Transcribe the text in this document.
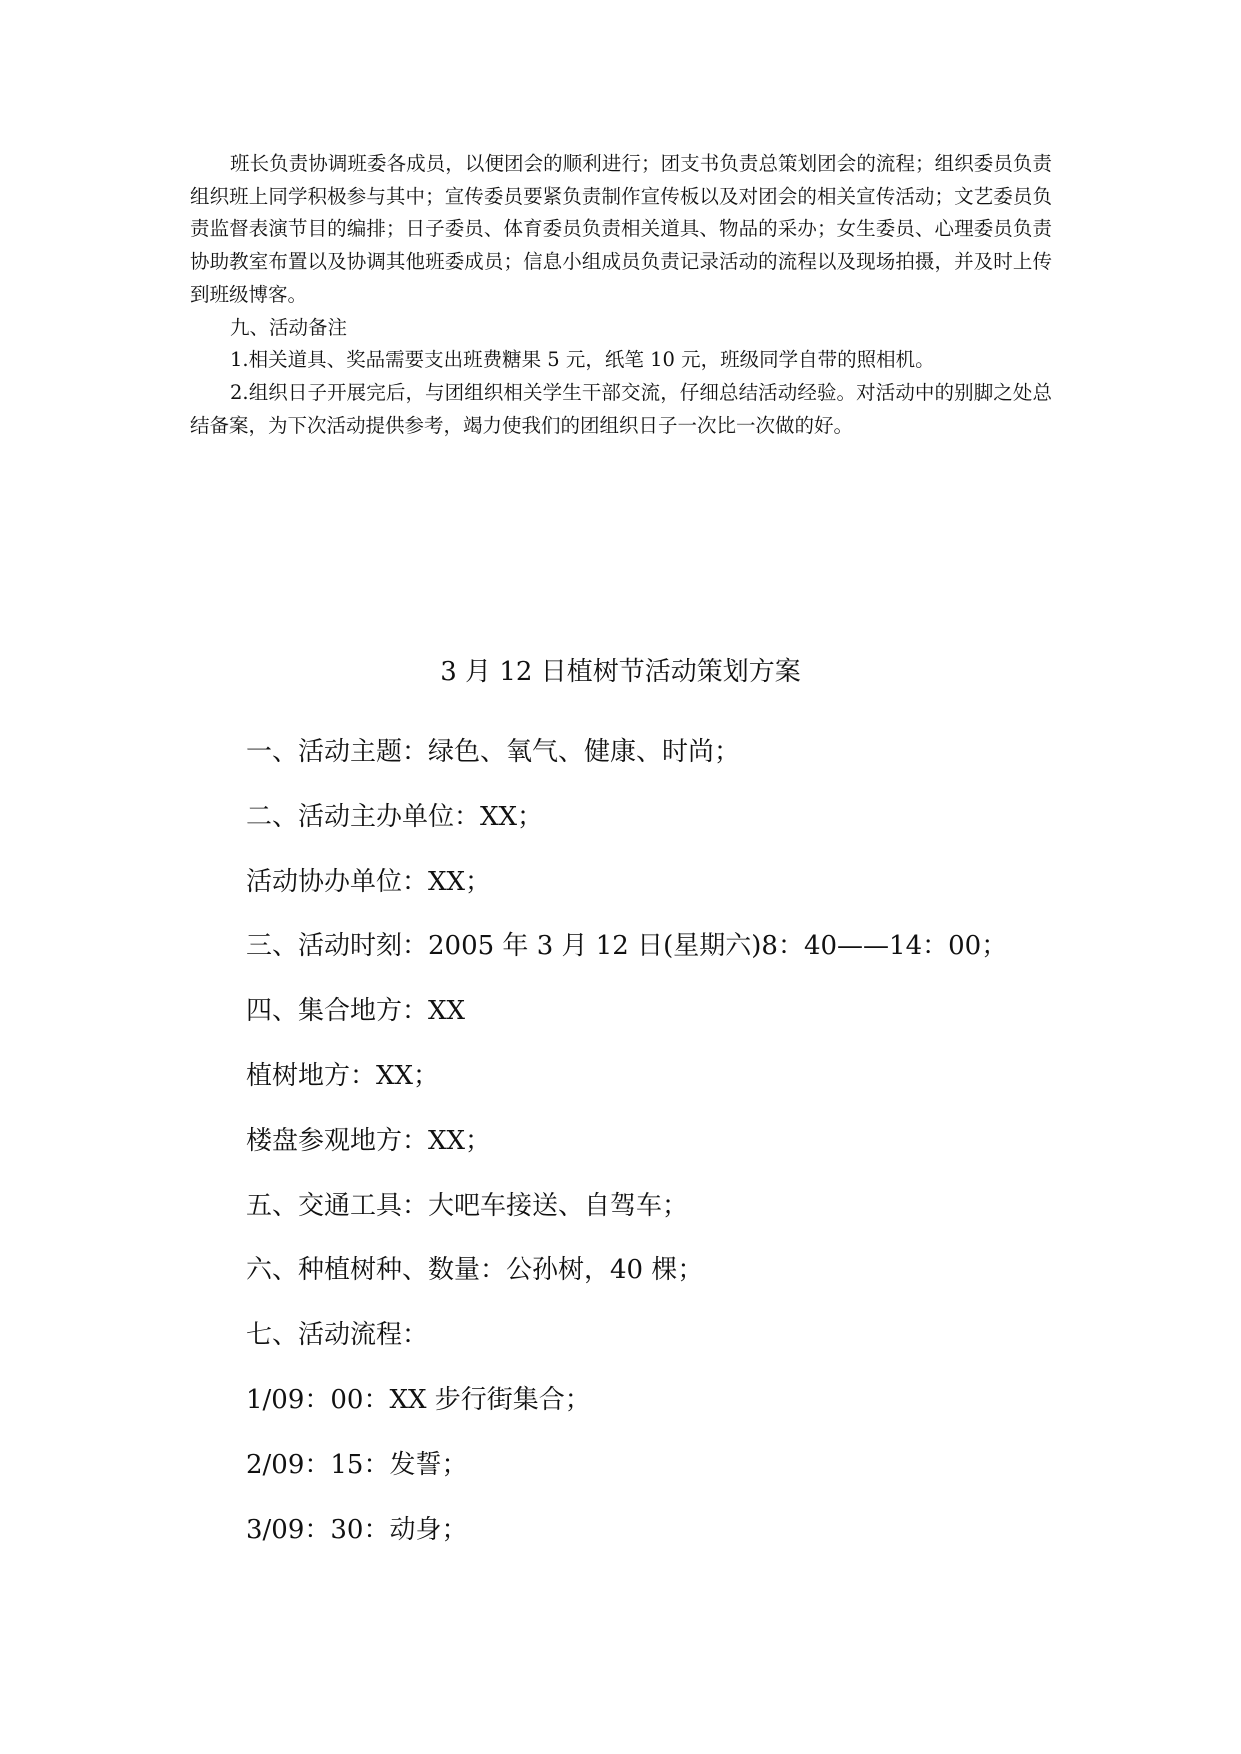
班长负责协调班委各成员，以便团会的顺利进行；团支书负责总策划团会的流程；组织委员负责组织班上同学积极参与其中；宣传委员要紧负责制作宣传板以及对团会的相关宣传活动；文艺委员负责监督表演节目的编排；日子委员、体育委员负责相关道具、物品的采办；女生委员、心理委员负责协助教室布置以及协调其他班委成员；信息小组成员负责记录活动的流程以及现场拍摄，并及时上传到班级博客。

九、活动备注

1.相关道具、奖品需要支出班费糖果 5 元，纸笔 10 元，班级同学自带的照相机。

2.组织日子开展完后，与团组织相关学生干部交流，仔细总结活动经验。对活动中的别脚之处总结备案，为下次活动提供参考，竭力使我们的团组织日子一次比一次做的好。

3 月 12 日植树节活动策划方案

一、活动主题：绿色、氧气、健康、时尚；

二、活动主办单位：XX；

活动协办单位：XX；

三、活动时刻：2005 年 3 月 12 日(星期六)8：40——14：00；

四、集合地方：XX

植树地方：XX；

楼盘参观地方：XX；

五、交通工具：大吧车接送、自驾车；

六、种植树种、数量：公孙树，40 棵；

七、活动流程：

1/09：00：XX 步行街集合；

2/09：15：发誓；

3/09：30：动身；
